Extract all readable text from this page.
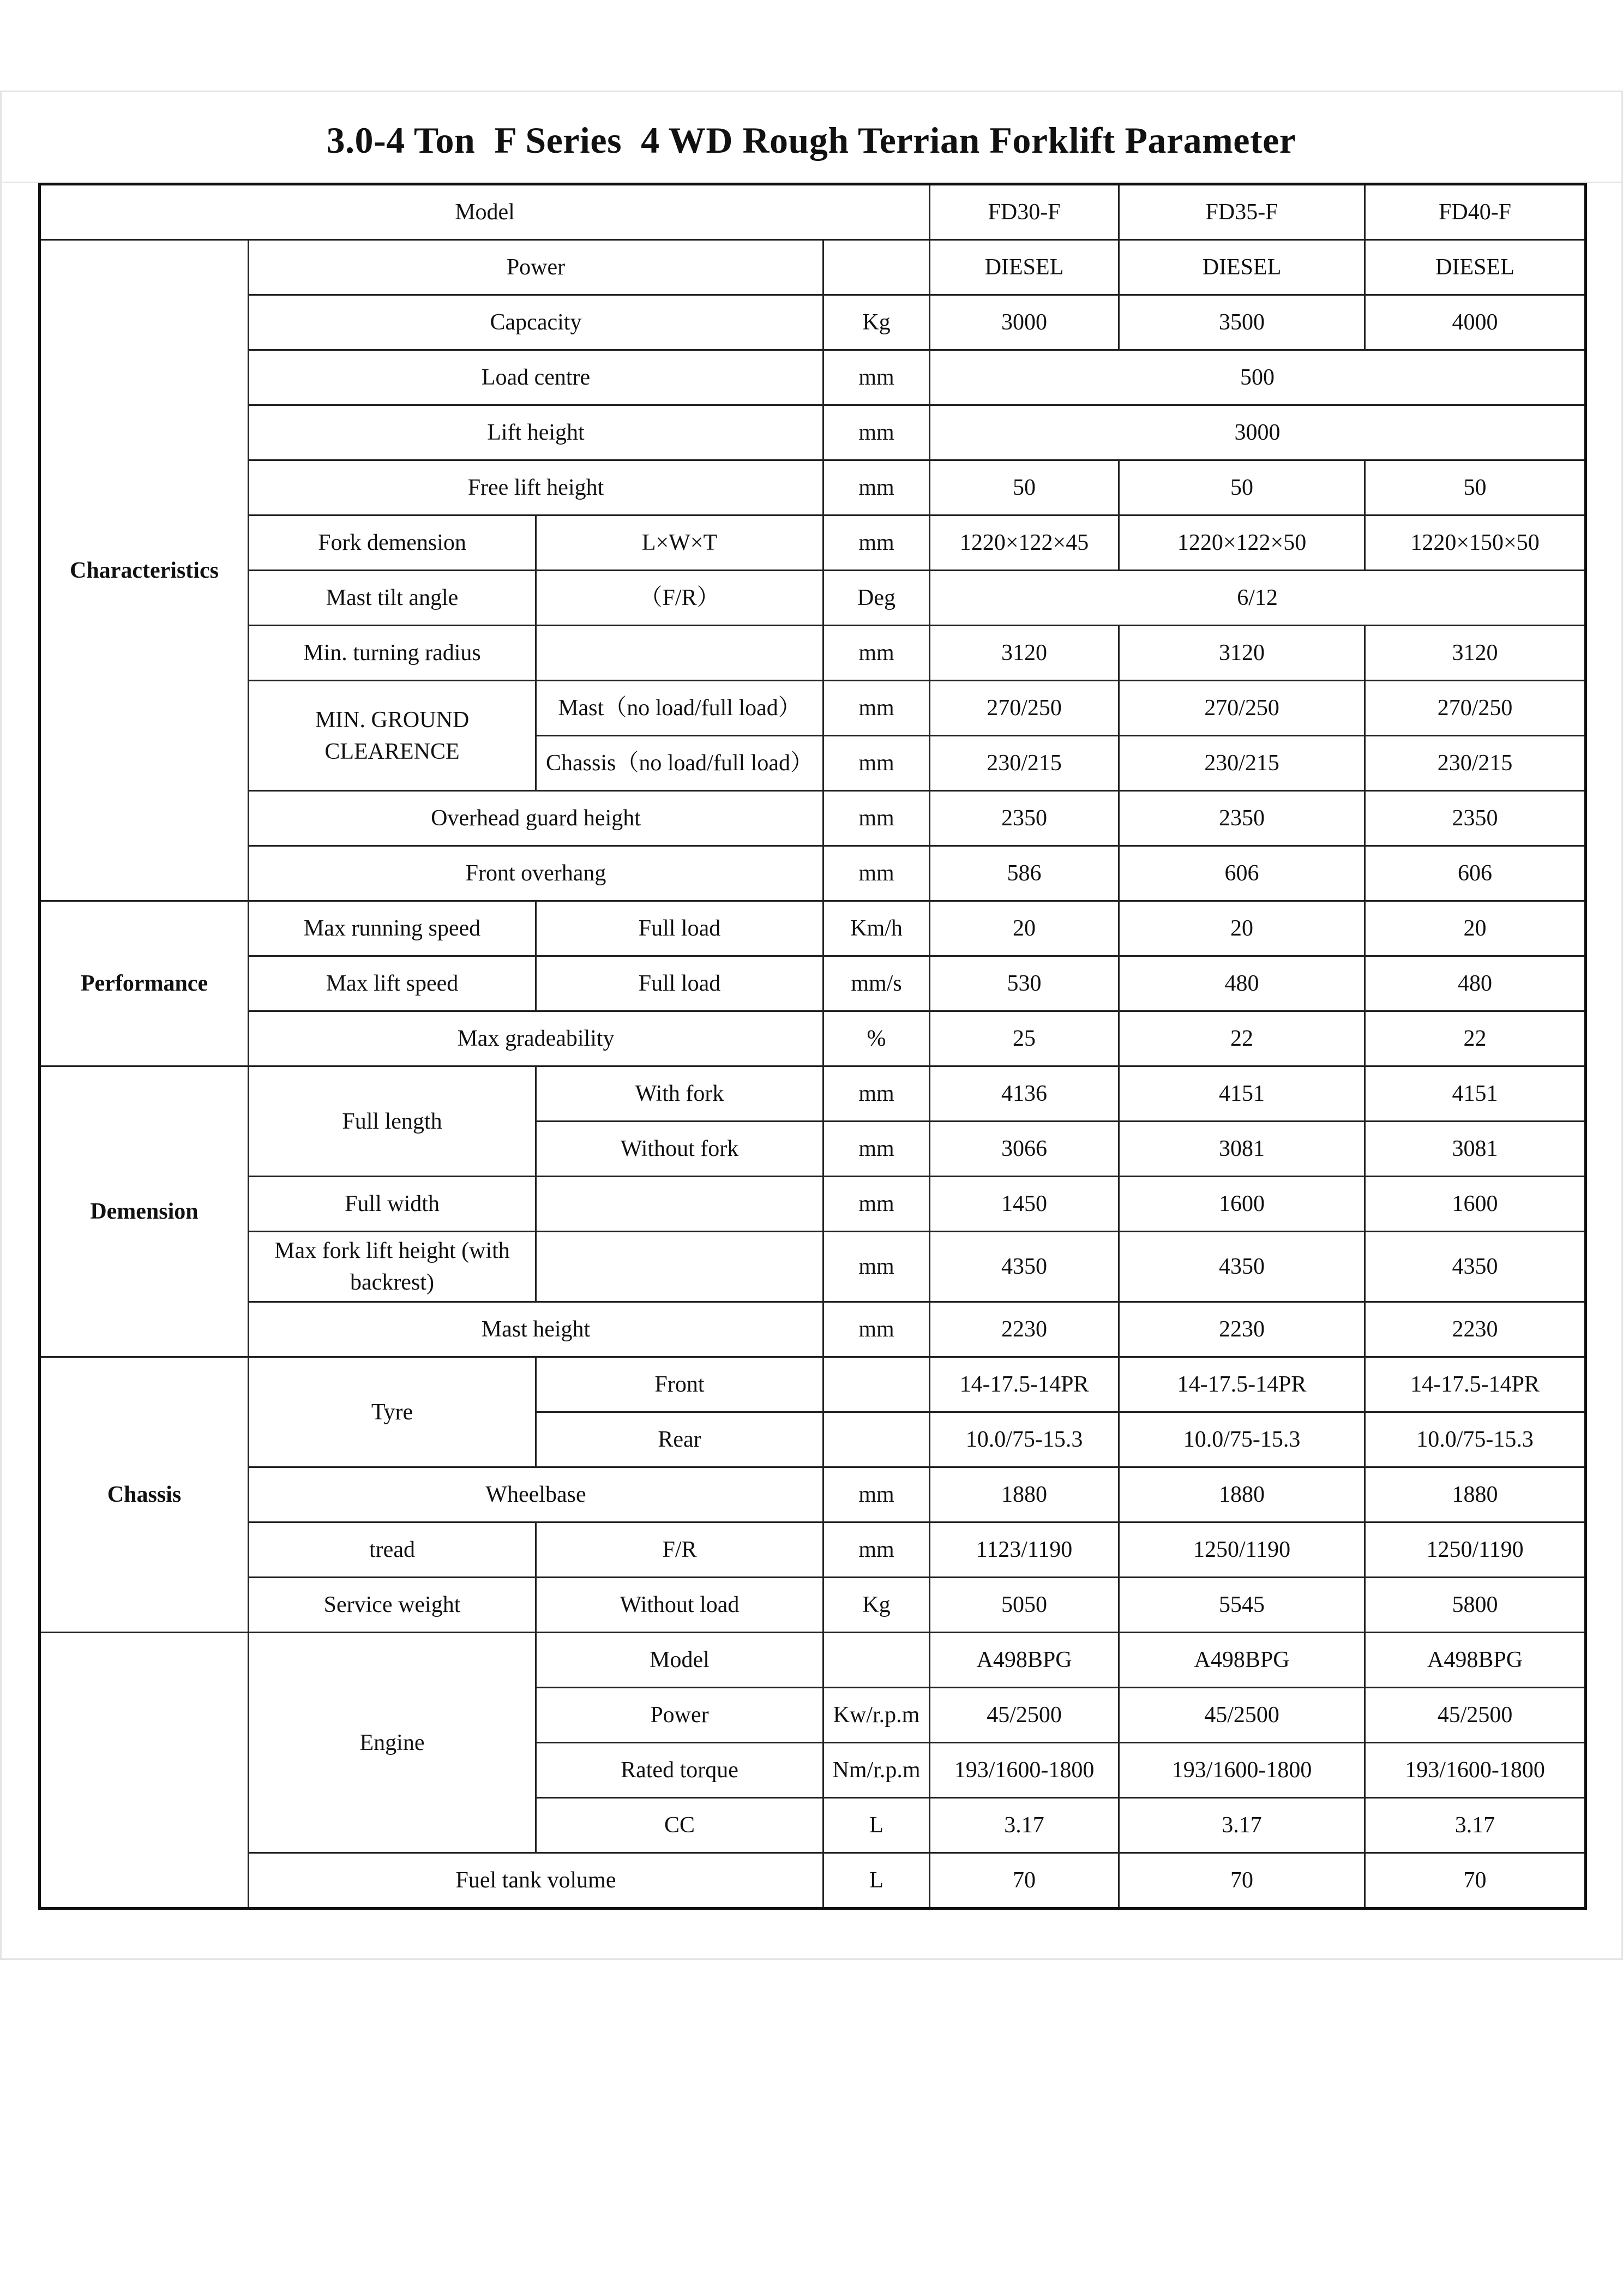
3.0-4 Ton  F Series  4 WD Rough Terrian Forklift Parameter
Model				FD30-F	FD35-F	FD40-F
Characteristics	Power			DIESEL	DIESEL	DIESEL
	Capcacity		Kg	3000	3500	4000
	Load centre		mm	500		
	Lift height		mm	3000		
	Free lift height		mm	50	50	50
	Fork demension	L×W×T	mm	1220×122×45	1220×122×50	1220×150×50
	Mast tilt angle	（F/R）	Deg	6/12		
	Min. turning radius		mm	3120	3120	3120
	MIN. GROUND CLEARENCE	Mast（no load/full load）	mm	270/250	270/250	270/250
		Chassis（no load/full load）	mm	230/215	230/215	230/215
	Overhead guard height		mm	2350	2350	2350
	Front overhang		mm	586	606	606
Performance	Max running speed	Full load	Km/h	20	20	20
	Max lift speed	Full load	mm/s	530	480	480
	Max gradeability		%	25	22	22
Demension	Full length	With fork	mm	4136	4151	4151
		Without fork	mm	3066	3081	3081
	Full width		mm	1450	1600	1600
	Max fork lift height (with backrest)		mm	4350	4350	4350
	Mast height		mm	2230	2230	2230
Chassis	Tyre	Front		14-17.5-14PR	14-17.5-14PR	14-17.5-14PR
		Rear		10.0/75-15.3	10.0/75-15.3	10.0/75-15.3
	Wheelbase		mm	1880	1880	1880
	tread	F/R	mm	1123/1190	1250/1190	1250/1190
	Service weight	Without load	Kg	5050	5545	5800
	Engine	Model		A498BPG	A498BPG	A498BPG
		Power	Kw/r.p.m	45/2500	45/2500	45/2500
		Rated torque	Nm/r.p.m	193/1600-1800	193/1600-1800	193/1600-1800
		CC	L	3.17	3.17	3.17
	Fuel tank volume		L	70	70	70
